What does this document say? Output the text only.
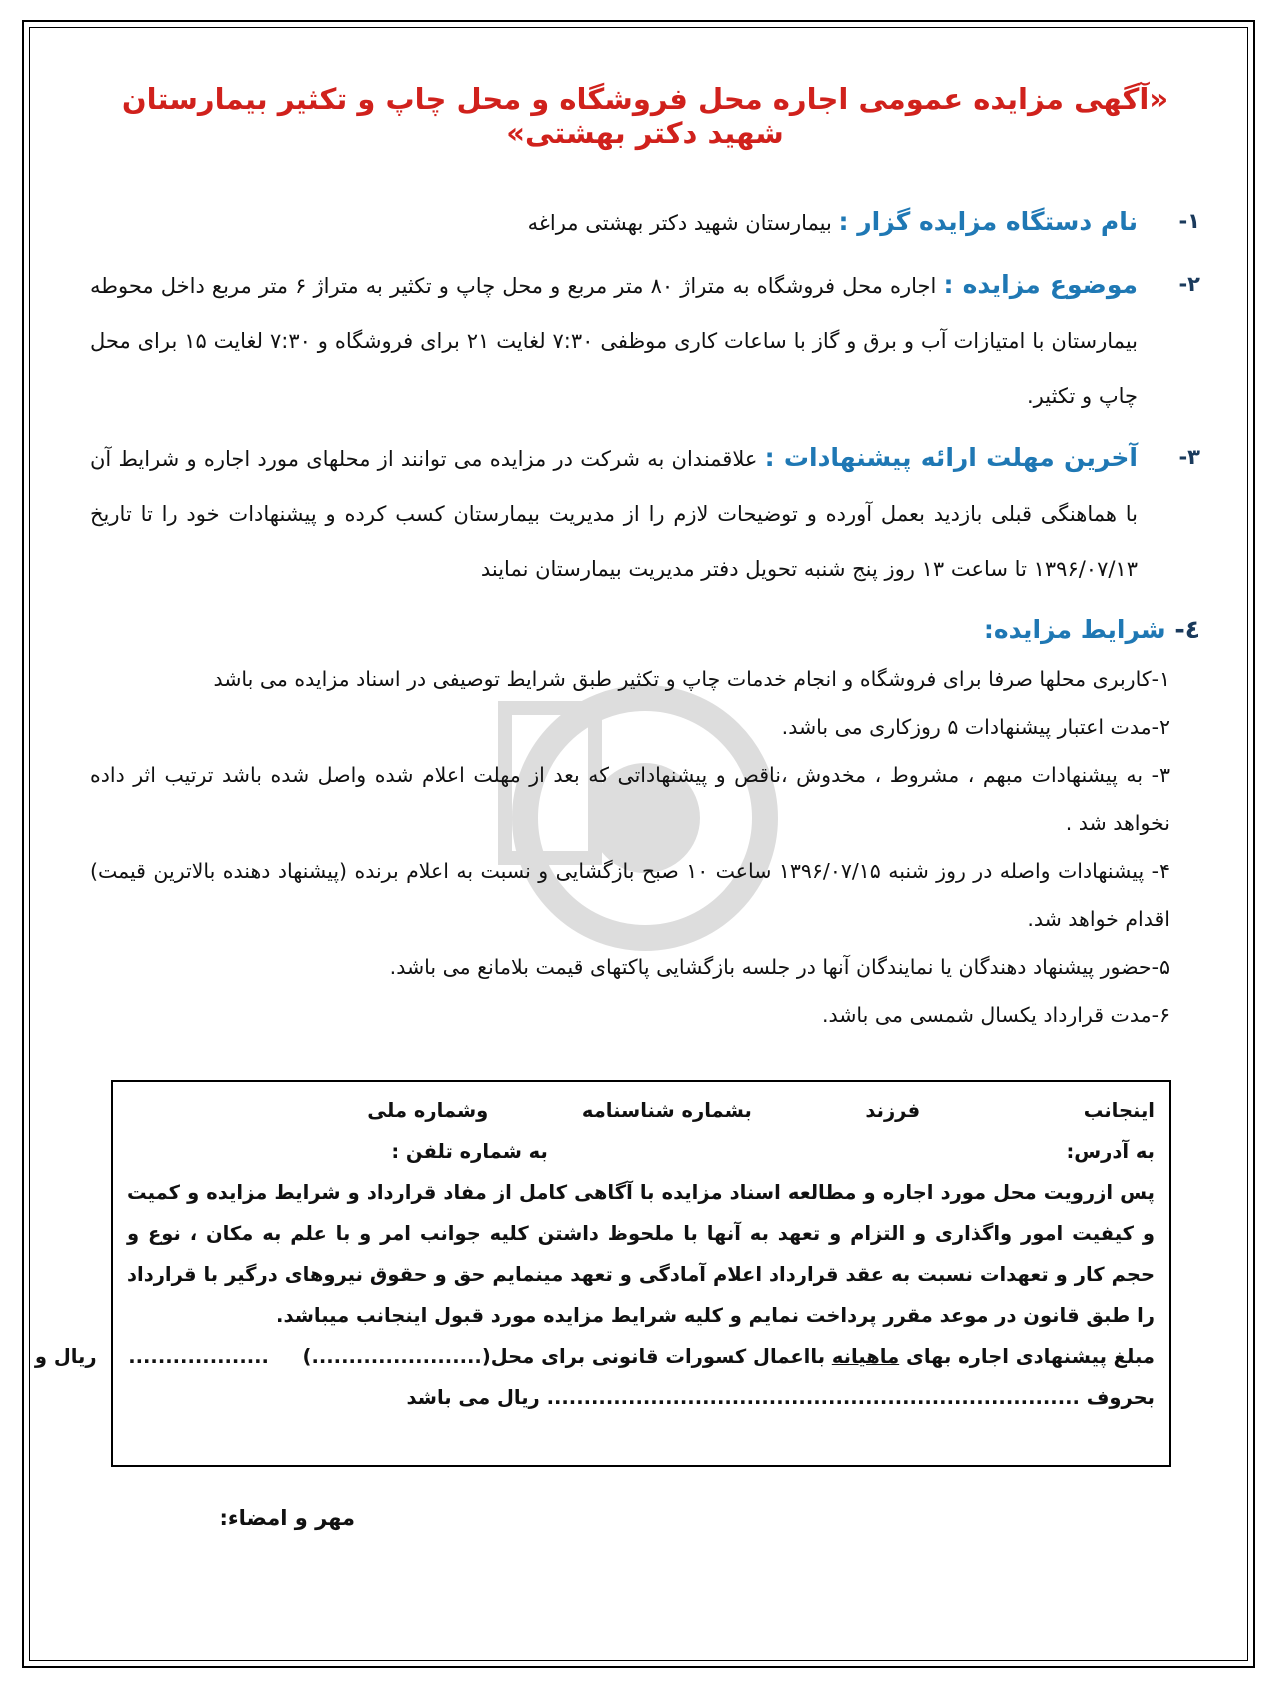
«آگهی مزایده عمومی اجاره محل فروشگاه و محل چاپ و تکثیر بیمارستان شهید دکتر بهشتی»
۱-
نام دستگاه مزایده گزار : بیمارستان شهید دکتر بهشتی مراغه
۲-
موضوع مزایده : اجاره محل فروشگاه به متراژ ۸۰ متر مربع و محل چاپ و تکثیر به متراژ ۶ متر مربع داخل محوطه بیمارستان با امتیازات آب و برق و گاز با ساعات کاری موظفی ۷:۳۰ لغایت ۲۱ برای فروشگاه و ۷:۳۰ لغایت ۱۵ برای محل چاپ و تکثیر.
۳-
آخرین مهلت ارائه پیشنهادات : علاقمندان به شرکت در مزایده می توانند از محلهای مورد اجاره و شرایط آن با هماهنگی قبلی بازدید بعمل آورده و توضیحات لازم را از مدیریت بیمارستان کسب کرده و پیشنهادات خود را تا تاریخ ۱۳۹۶/۰۷/۱۳ تا ساعت ۱۳ روز پنج شنبه تحویل دفتر مدیریت بیمارستان نمایند
٤- شرایط مزایده:
۱-کاربری محلها صرفا برای فروشگاه و انجام خدمات چاپ و تکثیر طبق شرایط توصیفی در اسناد مزایده می باشد
۲-مدت اعتبار پیشنهادات ۵ روزکاری می باشد.
۳- به پیشنهادات مبهم ، مشروط ، مخدوش ،ناقص و پیشنهاداتی که بعد از مهلت اعلام شده واصل شده باشد ترتیب اثر داده نخواهد شد .
۴- پیشنهادات واصله در روز شنبه ۱۳۹۶/۰۷/۱۵ ساعت ۱۰ صبح بازگشایی و نسبت به اعلام برنده (پیشنهاد دهنده بالاترین قیمت) اقدام خواهد شد.
۵-حضور پیشنهاد دهندگان یا نمایندگان آنها در جلسه بازگشایی پاکتهای قیمت بلامانع می باشد.
۶-مدت قرارداد یکسال شمسی می باشد.
اینجانب  فرزند  بشماره شناسنامه  وشماره ملی
به آدرس:  به شماره تلفن :
پس ازرویت محل مورد اجاره و مطالعه اسناد مزایده با آگاهی کامل از مفاد قرارداد و شرایط مزایده و کمیت و کیفیت امور واگذاری و التزام و تعهد به آنها با ملحوظ داشتن کلیه جوانب امر و با علم به مکان ، نوع و حجم کار و تعهدات نسبت به عقد قرارداد اعلام آمادگی و تعهد مینمایم حق و حقوق نیروهای درگیر با قرارداد را طبق قانون در موعد مقرر پرداخت نمایم و کلیه شرایط مزایده مورد قبول اینجانب میباشد.
مبلغ پیشنهادی اجاره بهای ماهیانه بااعمال کسورات قانونی برای محل(.......................)  ...................  ریال و
بحروف ........................................................................ ریال می باشد
مهر و امضاء:
